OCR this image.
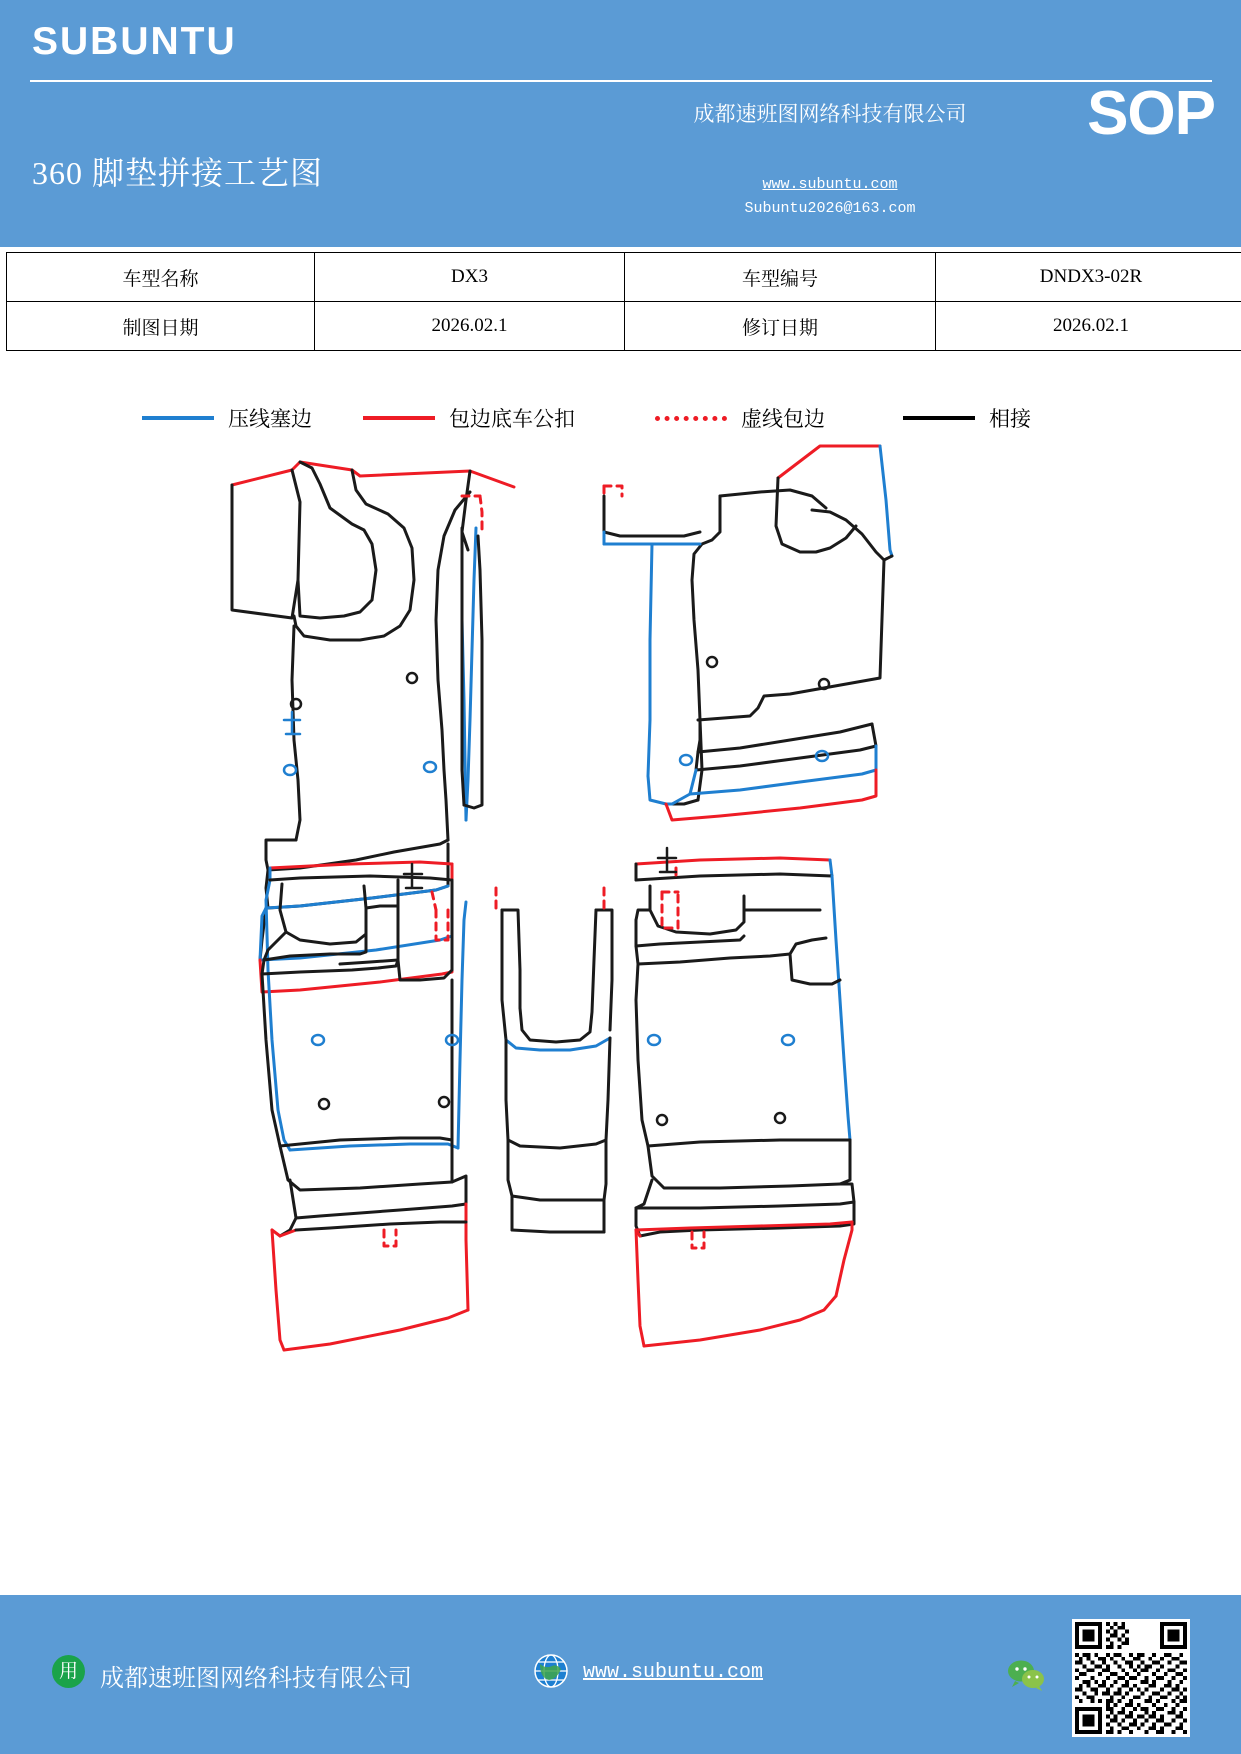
SUBUNTU
成都速班图网络科技有限公司	SOP
360 脚垫拼接工艺图	www.subuntu.com
Subuntu2026@163.com
车型名称	DX3	车型编号	DNDX3-02R
制图日期	2026.02.1	修订日期	2026.02.1
压线塞边	包边底车公扣	虚线包边	相接
用 成都速班图网络科技有限公司	www.subuntu.com
